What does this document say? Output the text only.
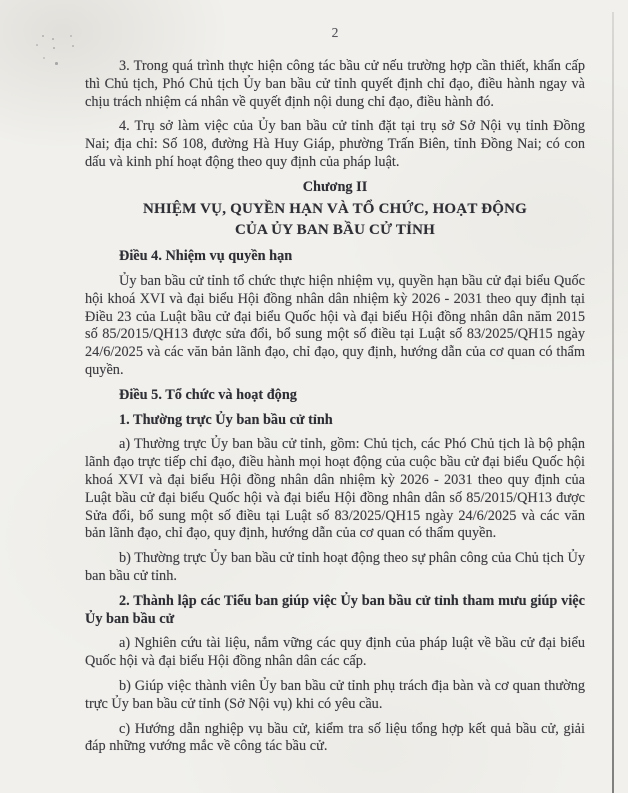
2

3. Trong quá trình thực hiện công tác bầu cử nếu trường hợp cần thiết, khẩn cấp thì Chủ tịch, Phó Chủ tịch Ủy ban bầu cử tỉnh quyết định chỉ đạo, điều hành ngay và chịu trách nhiệm cá nhân về quyết định nội dung chỉ đạo, điều hành đó.

4. Trụ sở làm việc của Ủy ban bầu cử tỉnh đặt tại trụ sở Sở Nội vụ tỉnh Đồng Nai; địa chỉ: Số 108, đường Hà Huy Giáp, phường Trấn Biên, tỉnh Đồng Nai; có con dấu và kinh phí hoạt động theo quy định của pháp luật.

Chương II
NHIỆM VỤ, QUYỀN HẠN VÀ TỔ CHỨC, HOẠT ĐỘNG
CỦA ỦY BAN BẦU CỬ TỈNH

Điều 4. Nhiệm vụ quyền hạn

Ủy ban bầu cử tỉnh tổ chức thực hiện nhiệm vụ, quyền hạn bầu cử đại biểu Quốc hội khoá XVI và đại biểu Hội đồng nhân dân nhiệm kỳ 2026 - 2031 theo quy định tại Điều 23 của Luật bầu cử đại biểu Quốc hội và đại biểu Hội đồng nhân dân năm 2015 số 85/2015/QH13 được sửa đổi, bổ sung một số điều tại Luật số 83/2025/QH15 ngày 24/6/2025 và các văn bản lãnh đạo, chỉ đạo, quy định, hướng dẫn của cơ quan có thẩm quyền.

Điều 5. Tổ chức và hoạt động

1. Thường trực Ủy ban bầu cử tỉnh

a) Thường trực Ủy ban bầu cử tỉnh, gồm: Chủ tịch, các Phó Chủ tịch là bộ phận lãnh đạo trực tiếp chỉ đạo, điều hành mọi hoạt động của cuộc bầu cử đại biểu Quốc hội khoá XVI và đại biểu Hội đồng nhân dân nhiệm kỳ 2026 - 2031 theo quy định của Luật bầu cử đại biểu Quốc hội và đại biểu Hội đồng nhân dân số 85/2015/QH13 được Sửa đổi, bổ sung một số điều tại Luật số 83/2025/QH15 ngày 24/6/2025 và các văn bản lãnh đạo, chỉ đạo, quy định, hướng dẫn của cơ quan có thẩm quyền.

b) Thường trực Ủy ban bầu cử tỉnh hoạt động theo sự phân công của Chủ tịch Ủy ban bầu cử tỉnh.

2. Thành lập các Tiểu ban giúp việc Ủy ban bầu cử tỉnh tham mưu giúp việc Ủy ban bầu cử

a) Nghiên cứu tài liệu, nắm vững các quy định của pháp luật về bầu cử đại biểu Quốc hội và đại biểu Hội đồng nhân dân các cấp.

b) Giúp việc thành viên Ủy ban bầu cử tỉnh phụ trách địa bàn và cơ quan thường trực Ủy ban bầu cử tỉnh (Sở Nội vụ) khi có yêu cầu.

c) Hướng dẫn nghiệp vụ bầu cử, kiểm tra số liệu tổng hợp kết quả bầu cử, giải đáp những vướng mắc về công tác bầu cử.
